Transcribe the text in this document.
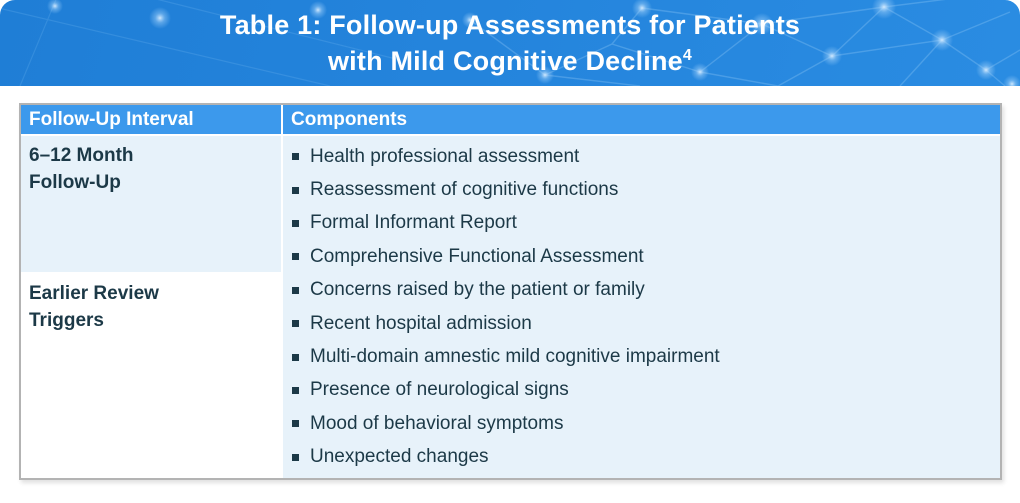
Table 1: Follow-up Assessments for Patients
with Mild Cognitive Decline$^4$
Follow-Up Interval	Components
6–12 Month
Follow-Up
Health professional assessment
Reassessment of cognitive functions
Formal Informant Report
Comprehensive Functional Assessment
Concerns raised by the patient or family
Recent hospital admission
Multi-domain amnestic mild cognitive impairment
Presence of neurological signs
Mood of behavioral symptoms
Unexpected changes
Earlier Review
Triggers
